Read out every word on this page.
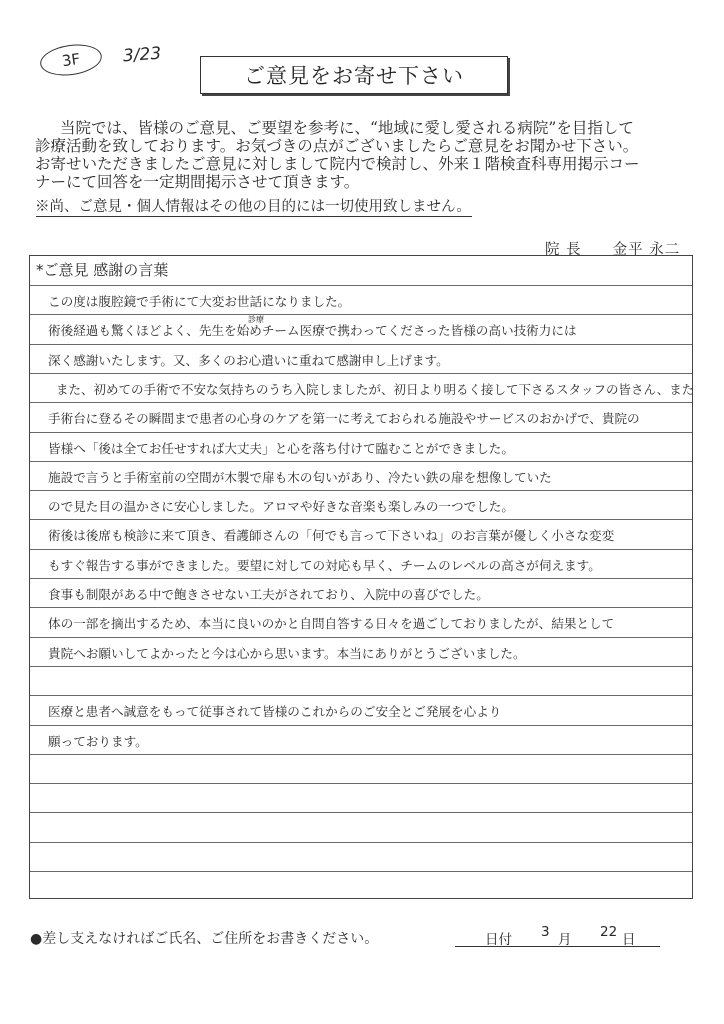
3F	3/23
ご意見をお寄せ下さい
当院では、皆様のご意見、ご要望を参考に、“地域に愛し愛される病院”を目指して
診療活動を致しております。お気づきの点がございましたらご意見をお聞かせ下さい。
お寄せいただきましたご意見に対しまして院内で検討し、外来１階検査科専用掲示コー
ナーにて回答を一定期間掲示させて頂きます。
※尚、ご意見・個人情報はその他の目的には一切使用致しません。
院 長　　金平 永二
*ご意見 感謝の言葉
この度は腹腔鏡で手術にて大変お世話になりました。
術後経過も驚くほどよく、先生を始めチーム医療で携わってくださった皆様の高い技術力には
深く感謝いたします。又、多くのお心遣いに重ねて感謝申し上げます。
また、初めての手術で不安な気持ちのうち入院しましたが、初日より明るく接して下さるスタッフの皆さん、また
手術台に登るその瞬間まで患者の心身のケアを第一に考えておられる施設やサービスのおかげで、貴院の
皆様へ「後は全てお任せすれば大丈夫」と心を落ち付けて臨むことができました。
施設で言うと手術室前の空間が木製で扉も木の匂いがあり、冷たい鉄の扉を想像していた
ので見た目の温かさに安心しました。アロマや好きな音楽も楽しみの一つでした。
術後は後席も検診に来て頂き、看護師さんの「何でも言って下さいね」のお言葉が優しく小さな変変
もすぐ報告する事ができました。要望に対しての対応も早く、チームのレベルの高さが伺えます。
食事も制限がある中で飽きさせない工夫がされており、入院中の喜びでした。
体の一部を摘出するため、本当に良いのかと自問自答する日々を過ごしておりましたが、結果として
貴院へお願いしてよかったと今は心から思います。本当にありがとうございました。
医療と患者へ誠意をもって従事されて皆様のこれからのご安全とご発展を心より
願っております。
診療
●差し支えなければご氏名、ご住所をお書きください。	日付 3 月 22 日
